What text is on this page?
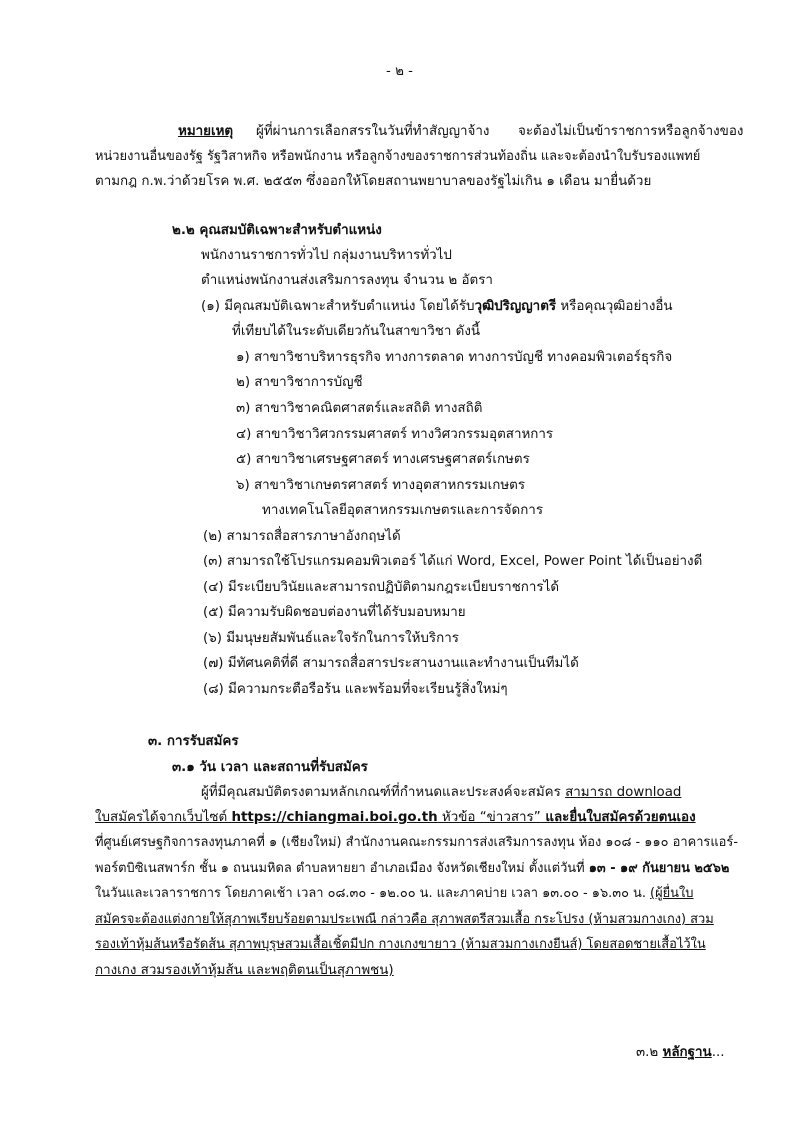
- ๒ -
หมายเหตุ ผู้ที่ผ่านการเลือกสรรในวันที่ทำสัญญาจ้าง จะต้องไม่เป็นข้าราชการหรือลูกจ้างของ
หน่วยงานอื่นของรัฐ รัฐวิสาหกิจ หรือพนักงาน หรือลูกจ้างของราชการส่วนท้องถิ่น และจะต้องนำใบรับรองแพทย์
ตามกฎ ก.พ.ว่าด้วยโรค พ.ศ. ๒๕๕๓ ซึ่งออกให้โดยสถานพยาบาลของรัฐไม่เกิน ๑ เดือน มายื่นด้วย
๒.๒ คุณสมบัติเฉพาะสำหรับตำแหน่ง
พนักงานราชการทั่วไป กลุ่มงานบริหารทั่วไป
ตำแหน่งพนักงานส่งเสริมการลงทุน จำนวน ๒ อัตรา
(๑) มีคุณสมบัติเฉพาะสำหรับตำแหน่ง โดยได้รับวุฒิปริญญาตรี หรือคุณวุฒิอย่างอื่น
ที่เทียบได้ในระดับเดียวกันในสาขาวิชา ดังนี้
๑) สาขาวิชาบริหารธุรกิจ ทางการตลาด ทางการบัญชี ทางคอมพิวเตอร์ธุรกิจ
๒) สาขาวิชาการบัญชี
๓) สาขาวิชาคณิตศาสตร์และสถิติ ทางสถิติ
๔) สาขาวิชาวิศวกรรมศาสตร์ ทางวิศวกรรมอุตสาหการ
๕) สาขาวิชาเศรษฐศาสตร์ ทางเศรษฐศาสตร์เกษตร
๖) สาขาวิชาเกษตรศาสตร์ ทางอุตสาหกรรมเกษตร
ทางเทคโนโลยีอุตสาหกรรมเกษตรและการจัดการ
(๒) สามารถสื่อสารภาษาอังกฤษได้
(๓) สามารถใช้โปรแกรมคอมพิวเตอร์ ได้แก่ Word, Excel, Power Point ได้เป็นอย่างดี
(๔) มีระเบียบวินัยและสามารถปฏิบัติตามกฎระเบียบราชการได้
(๕) มีความรับผิดชอบต่องานที่ได้รับมอบหมาย
(๖) มีมนุษยสัมพันธ์และใจรักในการให้บริการ
(๗) มีทัศนคติที่ดี สามารถสื่อสารประสานงานและทำงานเป็นทีมได้
(๘) มีความกระตือรือร้น และพร้อมที่จะเรียนรู้สิ่งใหม่ๆ
๓. การรับสมัคร
๓.๑ วัน เวลา และสถานที่รับสมัคร
ผู้ที่มีคุณสมบัติตรงตามหลักเกณฑ์ที่กำหนดและประสงค์จะสมัคร สามารถ download
ใบสมัครได้จากเว็บไซต์ https://chiangmai.boi.go.th หัวข้อ “ข่าวสาร” และยื่นใบสมัครด้วยตนเอง
ที่ศูนย์เศรษฐกิจการลงทุนภาคที่ ๑ (เชียงใหม่) สำนักงานคณะกรรมการส่งเสริมการลงทุน ห้อง ๑๐๘ - ๑๑๐ อาคารแอร์-
พอร์ตบิซิเนสพาร์ก ชั้น ๑ ถนนมหิดล ตำบลหายยา อำเภอเมือง จังหวัดเชียงใหม่ ตั้งแต่วันที่ ๑๓ - ๑๙ กันยายน ๒๕๖๒
ในวันและเวลาราชการ โดยภาคเช้า เวลา ๐๘.๓๐ - ๑๒.๐๐ น. และภาคบ่าย เวลา ๑๓.๐๐ - ๑๖.๓๐ น. (ผู้ยื่นใบ
สมัครจะต้องแต่งกายให้สุภาพเรียบร้อยตามประเพณี กล่าวคือ สุภาพสตรีสวมเสื้อ กระโปรง (ห้ามสวมกางเกง) สวม
รองเท้าหุ้มส้นหรือรัดส้น สุภาพบุรุษสวมเสื้อเชิ้ตมีปก กางเกงขายาว (ห้ามสวมกางเกงยีนส์) โดยสอดชายเสื้อไว้ใน
กางเกง สวมรองเท้าหุ้มส้น และพฤติตนเป็นสุภาพชน)
๓.๒ หลักฐาน...
